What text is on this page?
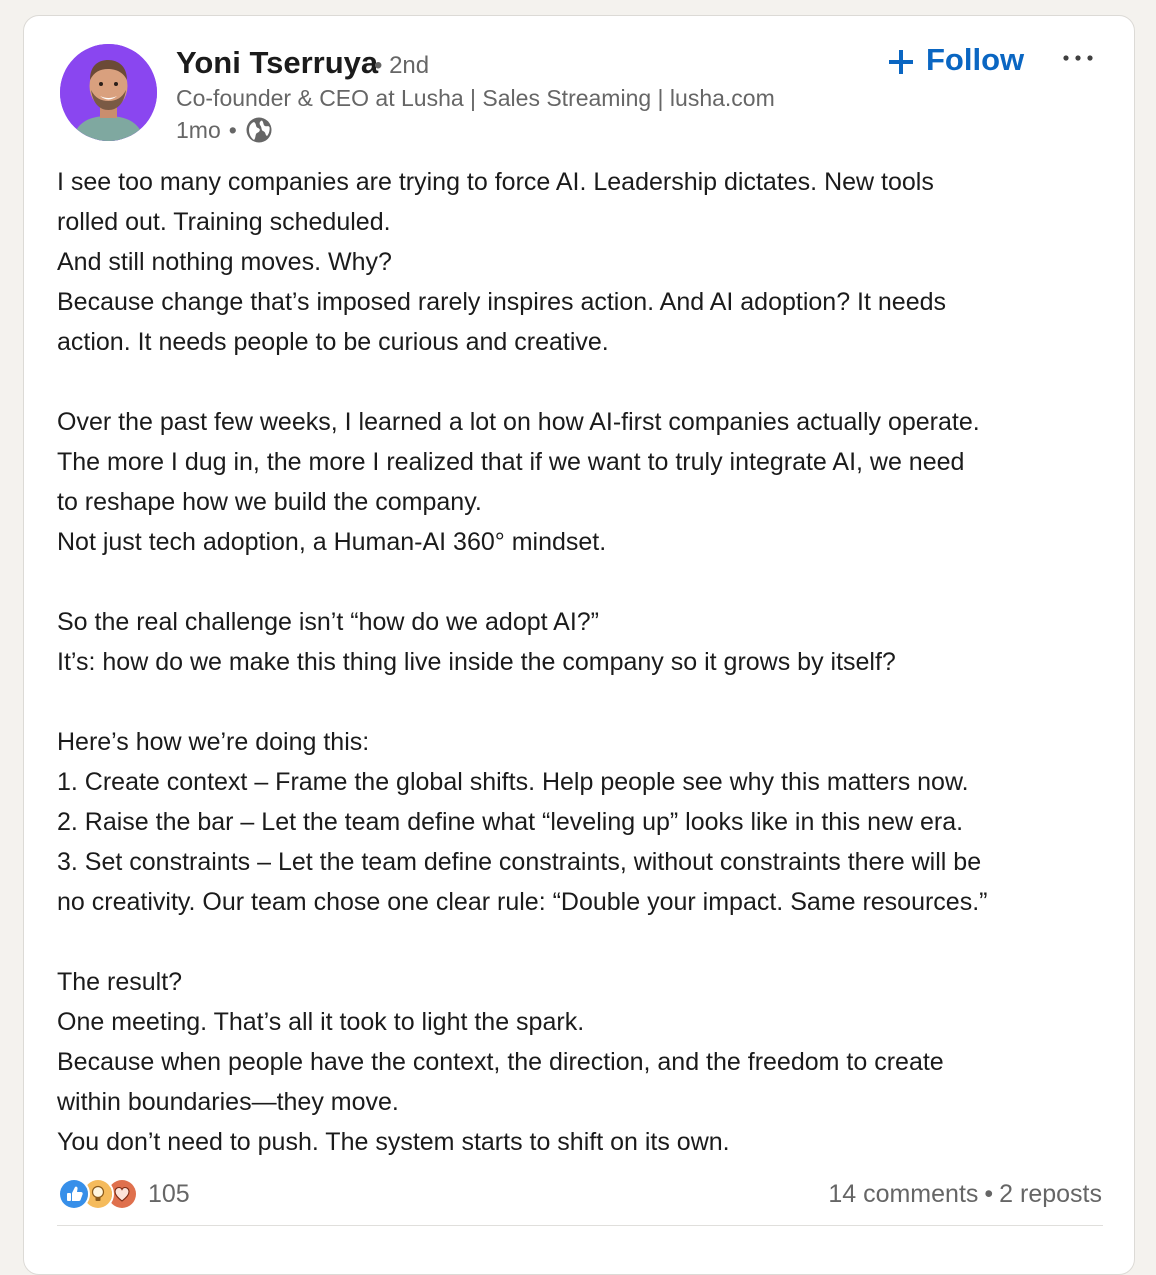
Yoni Tserruya
• 2nd
Co-founder & CEO at Lusha | Sales Streaming | lusha.com
1mo •
Follow

I see too many companies are trying to force AI. Leadership dictates. New tools

rolled out. Training scheduled.

And still nothing moves. Why?

Because change that’s imposed rarely inspires action. And AI adoption? It needs

action. It needs people to be curious and creative.

Over the past few weeks, I learned a lot on how AI-first companies actually operate.

The more I dug in, the more I realized that if we want to truly integrate AI, we need

to reshape how we build the company.

Not just tech adoption, a Human-AI 360° mindset.

So the real challenge isn’t “how do we adopt AI?”

It’s: how do we make this thing live inside the company so it grows by itself?

Here’s how we’re doing this:

1. Create context – Frame the global shifts. Help people see why this matters now.

2. Raise the bar – Let the team define what “leveling up” looks like in this new era.

3. Set constraints – Let the team define constraints, without constraints there will be

no creativity. Our team chose one clear rule: “Double your impact. Same resources.”

The result?

One meeting. That’s all it took to light the spark.

Because when people have the context, the direction, and the freedom to create

within boundaries—they move.

You don’t need to push. The system starts to shift on its own.

105	14 comments • 2 reposts
